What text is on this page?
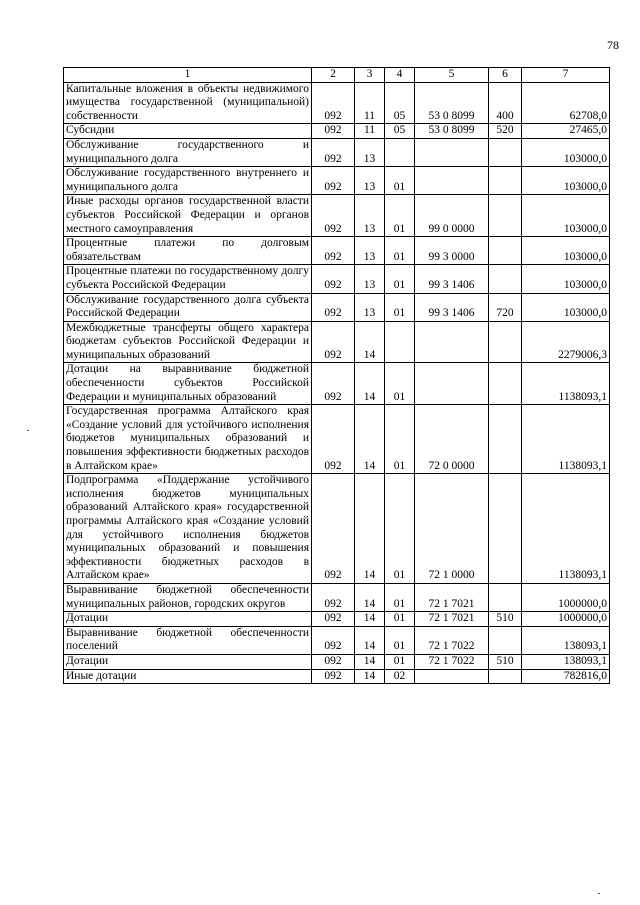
78
1	2	3	4	5	6	7
Капитальные вложения в объекты недвижимого имущества государственной (муниципальной) собственности	092	11	05	53 0 8099	400	62708,0
Субсидии	092	11	05	53 0 8099	520	27465,0
Обслуживание государственного и муниципального долга	092	13				103000,0
Обслуживание государственного внутреннего и муниципального долга	092	13	01			103000,0
Иные расходы органов государственной власти субъектов Российской Федерации и органов местного самоуправления	092	13	01	99 0 0000		103000,0
Процентные платежи по долговым обязательствам	092	13	01	99 3 0000		103000,0
Процентные платежи по государственному долгу субъекта Российской Федерации	092	13	01	99 3 1406		103000,0
Обслуживание государственного долга субъекта Российской Федерации	092	13	01	99 3 1406	720	103000,0
Межбюджетные трансферты общего характера бюджетам субъектов Российской Федерации и муниципальных образований	092	14				2279006,3
Дотации на выравнивание бюджетной обеспеченности субъектов Российской Федерации и муниципальных образований	092	14	01			1138093,1
Государственная программа Алтайского края «Создание условий для устойчивого исполнения бюджетов муниципальных образований и повышения эффективности бюджетных расходов в Алтайском крае»	092	14	01	72 0 0000		1138093,1
Подпрограмма «Поддержание устойчивого исполнения бюджетов муниципальных образований Алтайского края» государственной программы Алтайского края «Создание условий для устойчивого исполнения бюджетов муниципальных образований и повышения эффективности бюджетных расходов в Алтайском крае»	092	14	01	72 1 0000		1138093,1
Выравнивание бюджетной обеспеченности муниципальных районов, городских округов	092	14	01	72 1 7021		1000000,0
Дотации	092	14	01	72 1 7021	510	1000000,0
Выравнивание бюджетной обеспеченности поселений	092	14	01	72 1 7022		138093,1
Дотации	092	14	01	72 1 7022	510	138093,1
Иные дотации	092	14	02			782816,0
